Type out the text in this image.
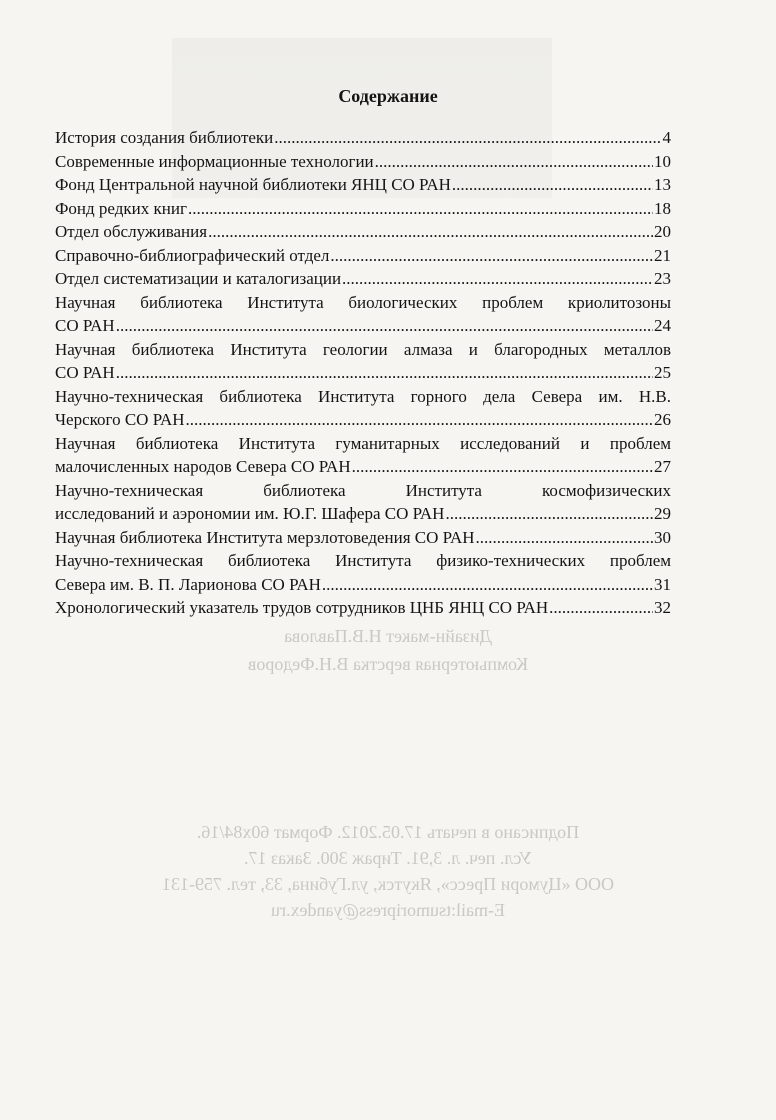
Дизайн-макет Н.В.Павлова
Компьютерная верстка В.Н.Федоров
Подписано в печать 17.05.2012. Формат 60х84/16.
Усл. печ. л. 3,91. Тираж 300. Заказ 17.
ООО «Цумори Пресс», Якутск, ул.Губина, 33, тел. 759-131
E-mail:tsumoripress@yandex.ru
Содержание
История создания библиотеки .....	4
Современные информационные технологии .....	10
Фонд Центральной научной библиотеки ЯНЦ СО РАН .....	13
Фонд редких книг .....	18
Отдел обслуживания .....	20
Справочно-библиографический отдел .....	21
Отдел систематизации и каталогизации .....	23
Научная библиотека Института биологических проблем криолитозоны
СО РАН .....	24
Научная библиотека Института геологии алмаза и благородных металлов
СО РАН .....	25
Научно-техническая библиотека Института горного дела Севера им. Н.В.
Черского СО РАН .....	26
Научная библиотека Института гуманитарных исследований и проблем
малочисленных народов Севера СО РАН .....	27
Научно-техническая библиотека Института космофизических
исследований и аэрономии им. Ю.Г. Шафера СО РАН .....	29
Научная библиотека Института мерзлотоведения СО РАН .....	30
Научно-техническая библиотека Института физико-технических проблем
Севера им. В. П. Ларионова СО РАН .....	31
Хронологический указатель трудов сотрудников ЦНБ ЯНЦ СО РАН .....	32
